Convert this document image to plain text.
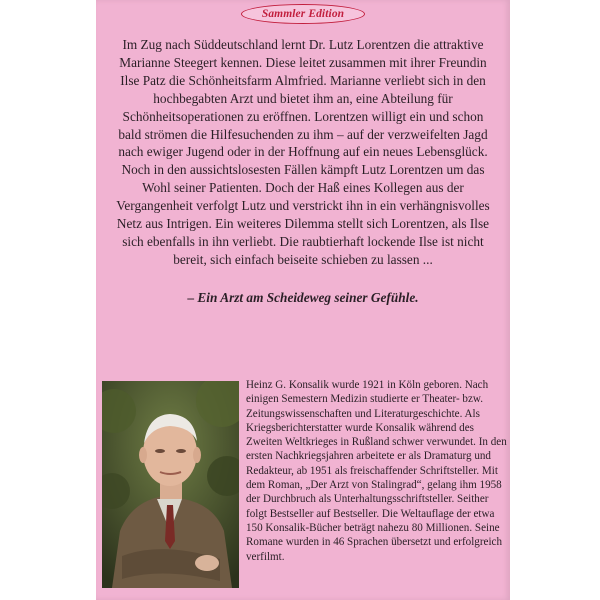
Sammler Edition

Im Zug nach Süddeutschland lernt Dr. Lutz Lorentzen die attraktive Marianne Steegert kennen. Diese leitet zusammen mit ihrer Freundin Ilse Patz die Schönheitsfarm Almfried. Marianne verliebt sich in den hochbegabten Arzt und bietet ihm an, eine Abteilung für Schönheitsoperationen zu eröffnen. Lorentzen willigt ein und schon bald strömen die Hilfesuchenden zu ihm – auf der verzweifelten Jagd nach ewiger Jugend oder in der Hoffnung auf ein neues Lebensglück. Noch in den aussichtslosesten Fällen kämpft Lutz Lorentzen um das Wohl seiner Patienten. Doch der Haß eines Kollegen aus der Vergangenheit verfolgt Lutz und verstrickt ihn in ein verhängnisvolles Netz aus Intrigen. Ein weiteres Dilemma stellt sich Lorentzen, als Ilse sich ebenfalls in ihn verliebt. Die raubtierhaft lockende Ilse ist nicht bereit, sich einfach beiseite schieben zu lassen ...

– Ein Arzt am Scheideweg seiner Gefühle.

Heinz G. Konsalik wurde 1921 in Köln geboren. Nach einigen Semestern Medizin studierte er Theater- bzw. Zeitungswissenschaften und Literaturgeschichte. Als Kriegsberichterstatter wurde Konsalik während des Zweiten Weltkrieges in Rußland schwer verwundet. In den ersten Nachkriegsjahren arbeitete er als Dramaturg und Redakteur, ab 1951 als freischaffender Schriftsteller. Mit dem Roman, „Der Arzt von Stalingrad“, gelang ihm 1958 der Durchbruch als Unterhaltungsschriftsteller. Seither folgt Bestseller auf Bestseller. Die Weltauflage der etwa 150 Konsalik-Bücher beträgt nahezu 80 Millionen. Seine Romane wurden in 46 Sprachen übersetzt und erfolgreich verfilmt.
